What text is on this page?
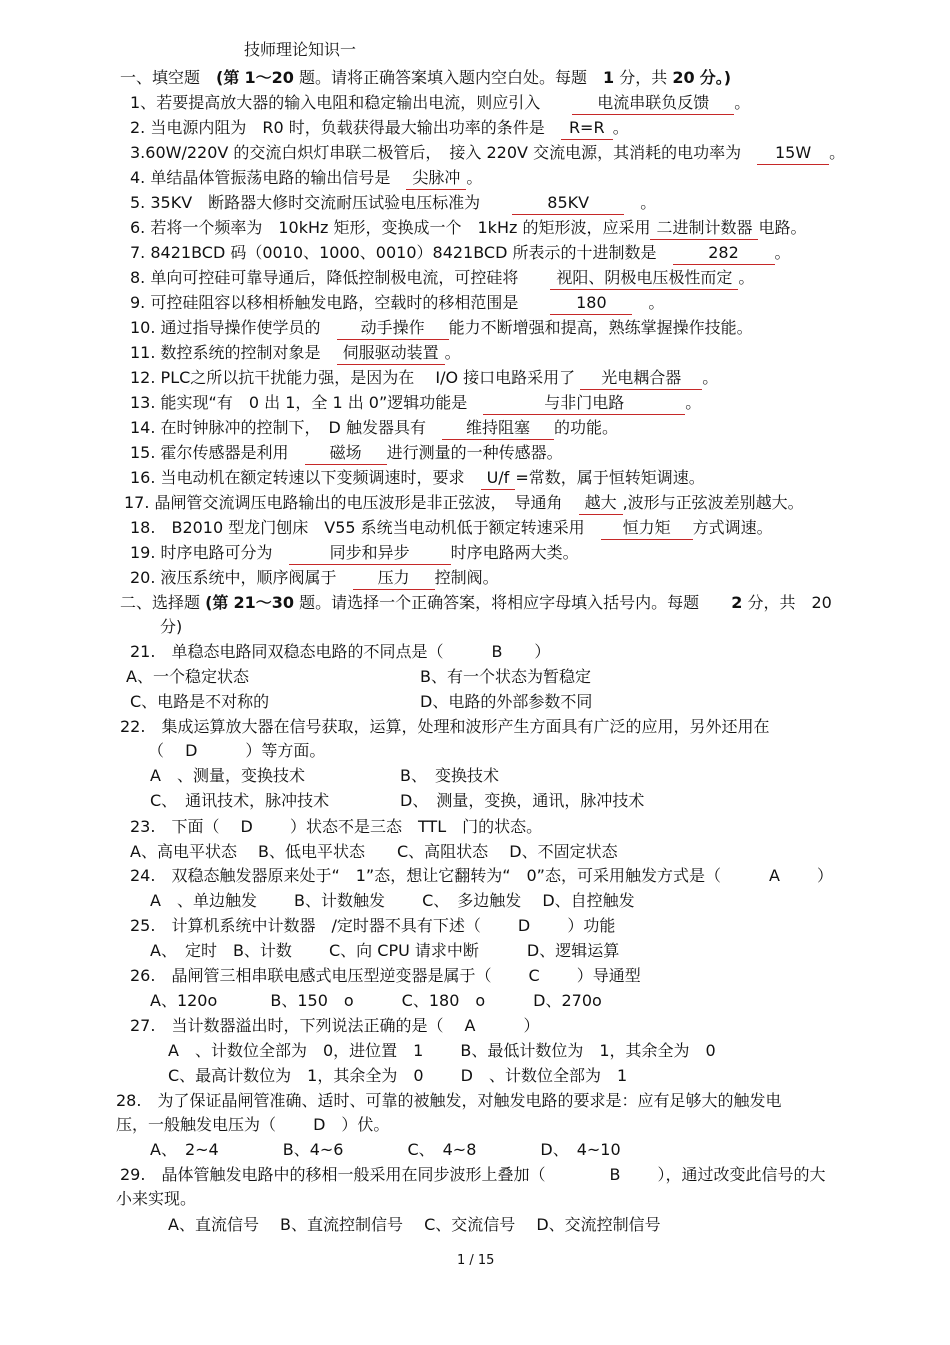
技师理论知识一
一、填空题　 (第 1～20 题。请将正确答案填入题内空白处。每题　 1 分，共 20 分。)
1、若要提高放大器的输入电阻和稳定输出电流，则应引入　　	电流串联负反馈 。
2. 当电源内阻为　R0 时，负载获得最大输出功率的条件是　 R=R 。
3.60W/220V 的交流白炽灯串联二极管后，　接入 220V 交流电源，其消耗的电功率为　 15W 。
4. 单结晶体管振荡电路的输出信号是　 尖脉冲 。
5. 35KV　断路器大修时交流耐压试验电压标准为　　	85KV　	。
6. 若将一个频率为　10kHz 矩形，变换成一个　1kHz 的矩形波，应采用 二进制计数器 电路。
7. 8421BCD 码（0010、1000、0010）8421BCD 所表示的十进制数是　	282 。
8. 单向可控硅可靠导通后，降低控制极电流，可控硅将　　 视阳、阴极电压极性而定 。
9. 可控硅阻容以移相桥触发电路，空载时的移相范围是　　	180　	。
10. 通过指导操作使学员的　	动手操作 能力不断增强和提高，熟练掌握操作技能。
11. 数控系统的控制对象是　 伺服驱动装置 。
12. PLC之所以抗干扰能力强，是因为在　 I/O 接口电路采用了 光电耦合器 。
13. 能实现“有　0 出 1，全 1 出 0”逻辑功能是　	与非门电路	。
14. 在时钟脉冲的控制下，　D 触发器具有　	维持阻塞 的功能。
15. 霍尔传感器是利用　	磁场 进行测量的一种传感器。
16. 当电动机在额定转速以下变频调速时，要求　 U/f =常数，属于恒转矩调速。
17. 晶闸管交流调压电路输出的电压波形是非正弦波，　导通角　 越大 ,波形与正弦波差别越大。
18.　 B2010 型龙门刨床　V55 系统当电动机低于额定转速采用　 恒力矩 方式调速。
19. 时序电路可分为　	同步和异步	时序电路两大类。
20. 液压系统中，顺序阀属于　	压力 控制阀。
二、选择题 (第 21～30 题。请选择一个正确答案，将相应字母填入括号内。每题　　 2 分，共　20
分)
21.　单稳态电路同双稳态电路的不同点是（　　　B　　）
A、一个稳定状态	B、有一个状态为暂稳定
C、电路是不对称的	D、电路的外部参数不同
22.　集成运算放大器在信号获取，运算，处理和波形产生方面具有广泛的应用，另外还用在
（　 D　　　）等方面。
A　、测量，变换技术	B、　变换技术
C、　通讯技术，脉冲技术	D、　测量，变换，通讯，脉冲技术
23.　下面（　 D　　 ）状态不是三态　TTL　门的状态。
A、高电平状态　 B、低电平状态　　C、高阻状态　 D、不固定状态
24.　双稳态触发器原来处于“　1”态，想让它翻转为“　0”态，可采用触发方式是（　　　A　　 ）
A　、单边触发　　 B、计数触发　　 C、　多边触发　 D、自控触发
25.　计算机系统中计数器　/定时器不具有下述（　　 D　　 ）功能
A、　定时　B、计数　　 C、向 CPU 请求中断　　　D、逻辑运算
26.　晶闸管三相串联电感式电压型逆变器是属于（　　 C　　 ）导通型
A、120o　　　 B、150　o　　　C、180　o　　　D、270o
27.　当计数器溢出时，下列说法正确的是（　 A　　　）
A　、计数位全部为　0，进位置　1　　 B、最低计数位为　1，其余全为　0
C、最高计数位为　1，其余全为　0　　 D　、计数位全部为　1
28.　为了保证晶闸管准确、适时、可靠的被触发，对触发电路的要求是：应有足够大的触发电
压，一般触发电压为（　　 D　）伏。
A、　2~4　　　　B、4~6　　　　C、　4~8　　　　D、　4~10
29.　晶体管触发电路中的移相一般采用在同步波形上叠加（　　　　B　　 ），通过改变此信号的大
小来实现。
A、直流信号　 B、直流控制信号　 C、交流信号　 D、交流控制信号
1 / 15
